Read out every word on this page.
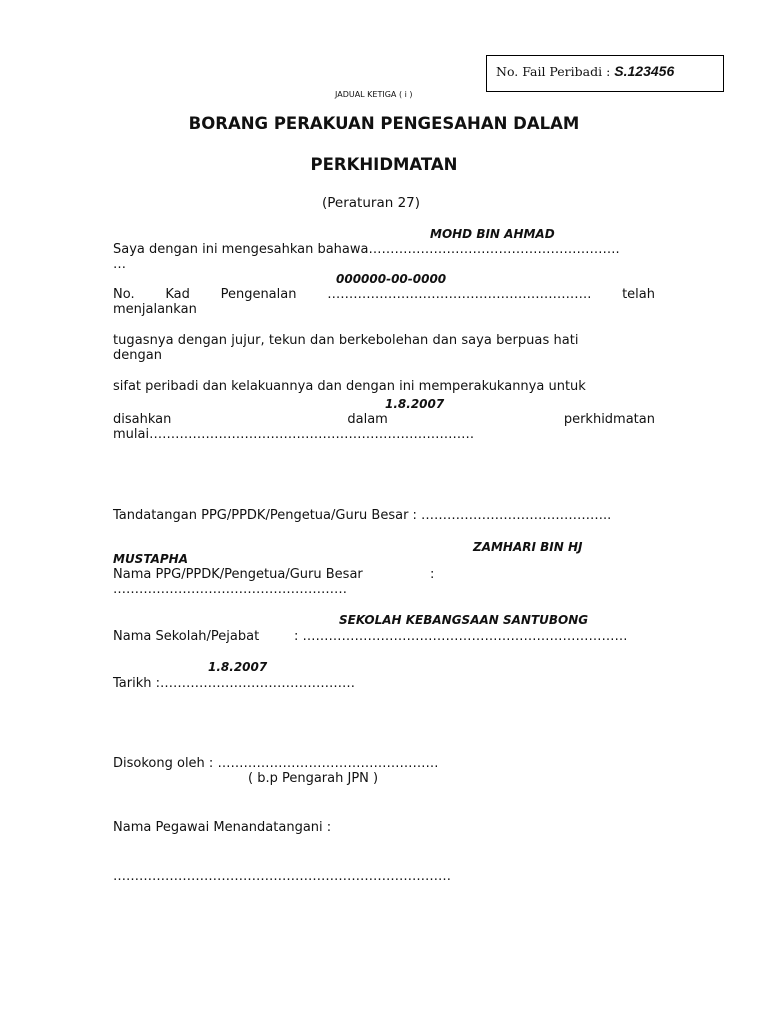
No. Fail Peribadi : S.123456
JADUAL KETIGA ( i )
BORANG PERAKUAN PENGESAHAN DALAM
PERKHIDMATAN
(Peraturan 27)
MOHD BIN AHMAD
Saya dengan ini mengesahkan bahawa………………………………………………….
…
000000-00-0000
No. Kad Pengenalan ……………………………………………………. telah
menjalankan
tugasnya dengan jujur, tekun dan berkebolehan dan saya berpuas hati
dengan
sifat peribadi dan kelakuannya dan dengan ini memperakukannya untuk
1.8.2007
disahkan	dalam	perkhidmatan
mulai…………………………………………………………………
Tandatangan PPG/PPDK/Pengetua/Guru Besar : ……………………………………..
ZAMHARI BIN HJ
MUSTAPHA
Nama PPG/PPDK/Pengetua/Guru Besar	:
………………………………………………
SEKOLAH KEBANGSAAN SANTUBONG
Nama Sekolah/Pejabat	: …………………………………………………………………
1.8.2007
Tarikh :………………………………………
Disokong oleh : ……………………………………………
( b.p Pengarah JPN )
Nama Pegawai Menandatangani :
……………………………………………………………………
